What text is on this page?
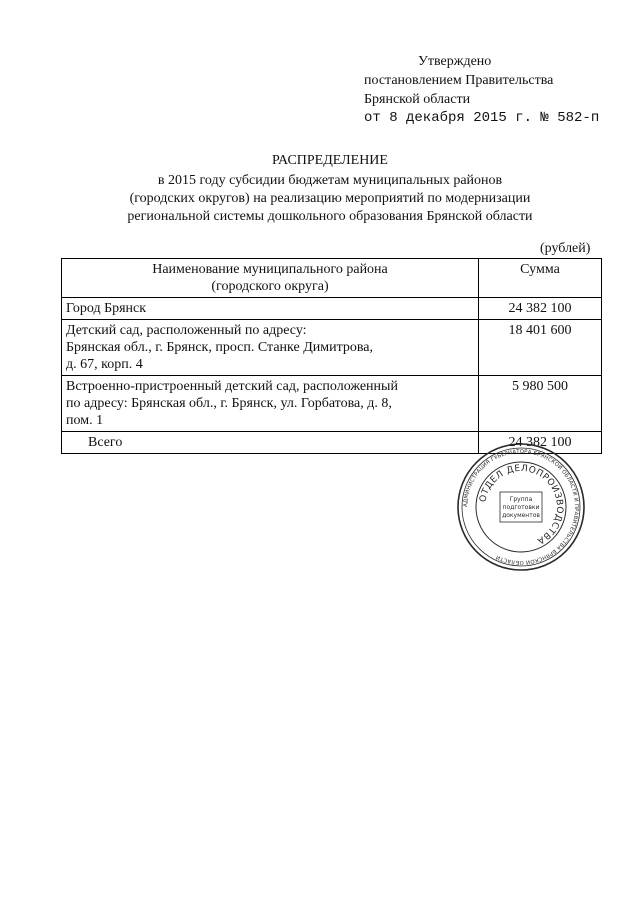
Утверждено
постановлением Правительства
Брянской области
от 8 декабря 2015 г. № 582-п
РАСПРЕДЕЛЕНИЕ
в 2015 году субсидии бюджетам муниципальных районов
(городских округов) на реализацию мероприятий по модернизации
региональной системы дошкольного образования Брянской области
(рублей)
Наименование муниципального района
(городского округа)	Сумма

Город Брянск	24 382 100

Детский сад, расположенный по адресу:
Брянская обл., г. Брянск, просп. Станке Димитрова,
д. 67, корп. 4	18 401 600

Встроенно-пристроенный детский сад, расположенный
по адресу: Брянская обл., г. Брянск, ул. Горбатова, д. 8,
пом. 1	5 980 500
Всего	24 382 100
АДМИНИСТРАЦИЯ ГУБЕРНАТОРА БРЯНСКОЙ ОБЛАСТИ И ПРАВИТЕЛЬСТВА БРЯНСКОЙ ОБЛАСТИ
ОТДЕЛ ДЕЛОПРОИЗВОДСТВА
Группа
подготовки
документов
